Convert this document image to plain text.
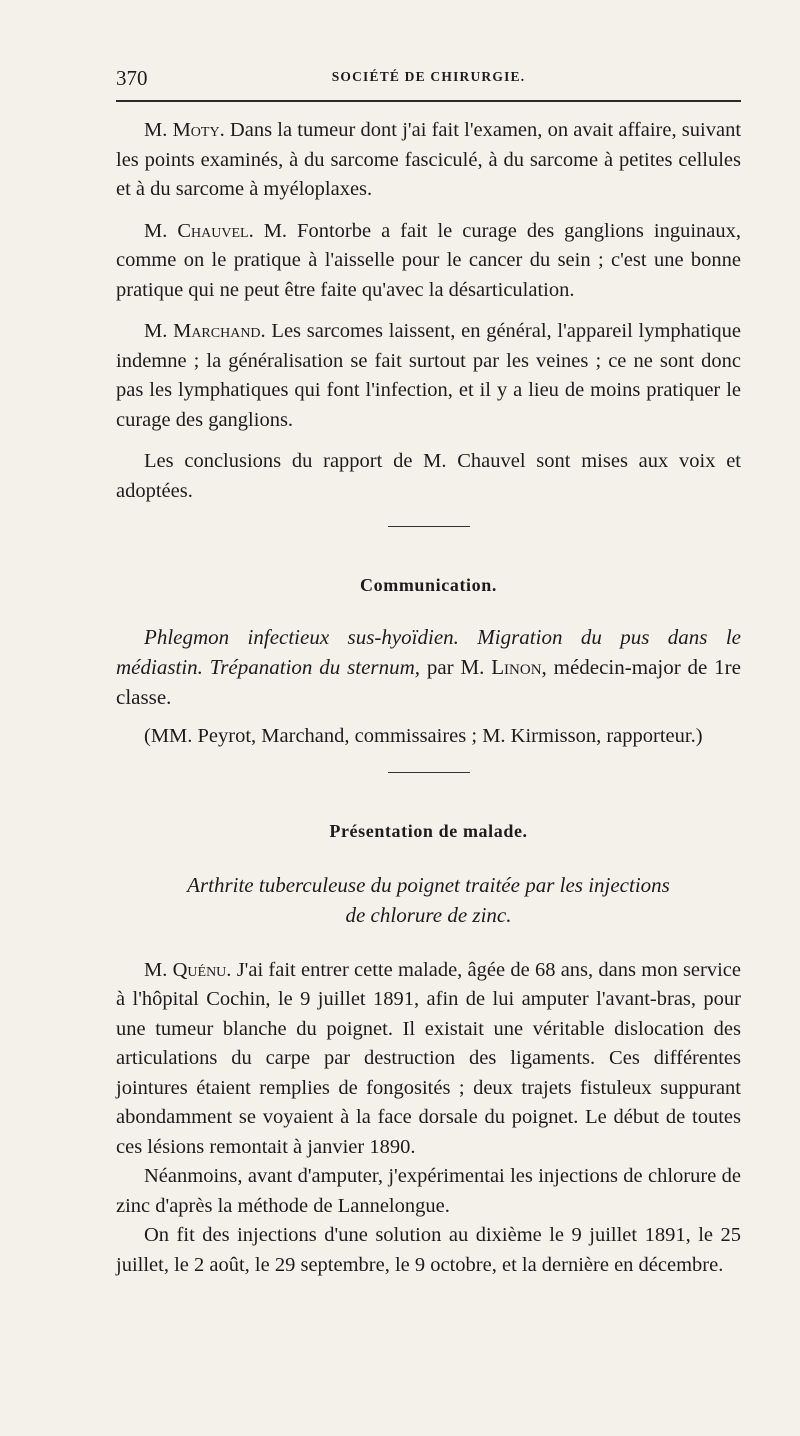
370	SOCIÉTÉ DE CHIRURGIE.

M. Moty. Dans la tumeur dont j'ai fait l'examen, on avait affaire, suivant les points examinés, à du sarcome fasciculé, à du sarcome à petites cellules et à du sarcome à myéloplaxes.

M. Chauvel. M. Fontorbe a fait le curage des ganglions inguinaux, comme on le pratique à l'aisselle pour le cancer du sein ; c'est une bonne pratique qui ne peut être faite qu'avec la désarticulation.

M. Marchand. Les sarcomes laissent, en général, l'appareil lymphatique indemne ; la généralisation se fait surtout par les veines ; ce ne sont donc pas les lymphatiques qui font l'infection, et il y a lieu de moins pratiquer le curage des ganglions.

Les conclusions du rapport de M. Chauvel sont mises aux voix et adoptées.

Communication.

Phlegmon infectieux sus-hyoïdien. Migration du pus dans le médiastin. Trépanation du sternum, par M. Linon, médecin-major de 1re classe.

(MM. Peyrot, Marchand, commissaires ; M. Kirmisson, rapporteur.)

Présentation de malade.
Arthrite tuberculeuse du poignet traitée par les injections
de chlorure de zinc.

M. Quénu. J'ai fait entrer cette malade, âgée de 68 ans, dans mon service à l'hôpital Cochin, le 9 juillet 1891, afin de lui amputer l'avant-bras, pour une tumeur blanche du poignet. Il existait une véritable dislocation des articulations du carpe par destruction des ligaments. Ces différentes jointures étaient remplies de fongosités ; deux trajets fistuleux suppurant abondamment se voyaient à la face dorsale du poignet. Le début de toutes ces lésions remontait à janvier 1890.

Néanmoins, avant d'amputer, j'expérimentai les injections de chlorure de zinc d'après la méthode de Lannelongue.

On fit des injections d'une solution au dixième le 9 juillet 1891, le 25 juillet, le 2 août, le 29 septembre, le 9 octobre, et la dernière en décembre.
